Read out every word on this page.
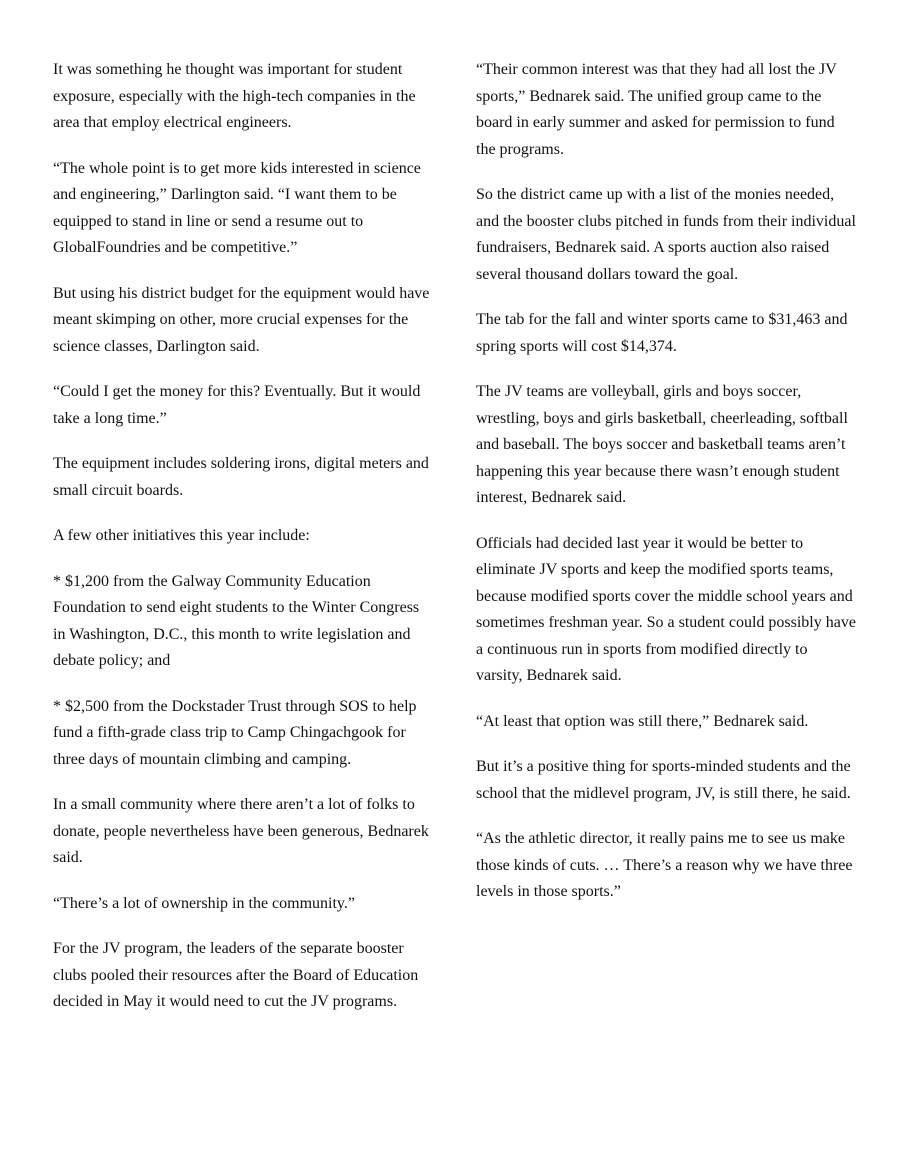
It was something he thought was important for student exposure, especially with the high-tech companies in the area that employ electrical engineers.

“The whole point is to get more kids interested in science and engineering,” Darlington said. “I want them to be equipped to stand in line or send a resume out to GlobalFoundries and be competitive.”

But using his district budget for the equipment would have meant skimping on other, more crucial expenses for the science classes, Darlington said.

“Could I get the money for this? Eventually. But it would take a long time.”

The equipment includes soldering irons, digital meters and small circuit boards.

A few other initiatives this year include:

* $1,200 from the Galway Community Education Foundation to send eight students to the Winter Congress in Washington, D.C., this month to write legislation and debate policy; and

* $2,500 from the Dockstader Trust through SOS to help fund a fifth-grade class trip to Camp Chingachgook for three days of mountain climbing and camping.

In a small community where there aren’t a lot of folks to donate, people nevertheless have been generous, Bednarek said.

“There’s a lot of ownership in the community.”

For the JV program, the leaders of the separate booster clubs pooled their resources after the Board of Education decided in May it would need to cut the JV programs.

“Their common interest was that they had all lost the JV sports,” Bednarek said. The unified group came to the board in early summer and asked for permission to fund the programs.

So the district came up with a list of the monies needed, and the booster clubs pitched in funds from their individual fundraisers, Bednarek said. A sports auction also raised several thousand dollars toward the goal.

The tab for the fall and winter sports came to $31,463 and spring sports will cost $14,374.

The JV teams are volleyball, girls and boys soccer, wrestling, boys and girls basketball, cheerleading, softball and baseball. The boys soccer and basketball teams aren’t happening this year because there wasn’t enough student interest, Bednarek said.

Officials had decided last year it would be better to eliminate JV sports and keep the modified sports teams, because modified sports cover the middle school years and sometimes freshman year. So a student could possibly have a continuous run in sports from modified directly to varsity, Bednarek said.

“At least that option was still there,” Bednarek said.

But it’s a positive thing for sports-minded students and the school that the midlevel program, JV, is still there, he said.

“As the athletic director, it really pains me to see us make those kinds of cuts. … There’s a reason why we have three levels in those sports.”
